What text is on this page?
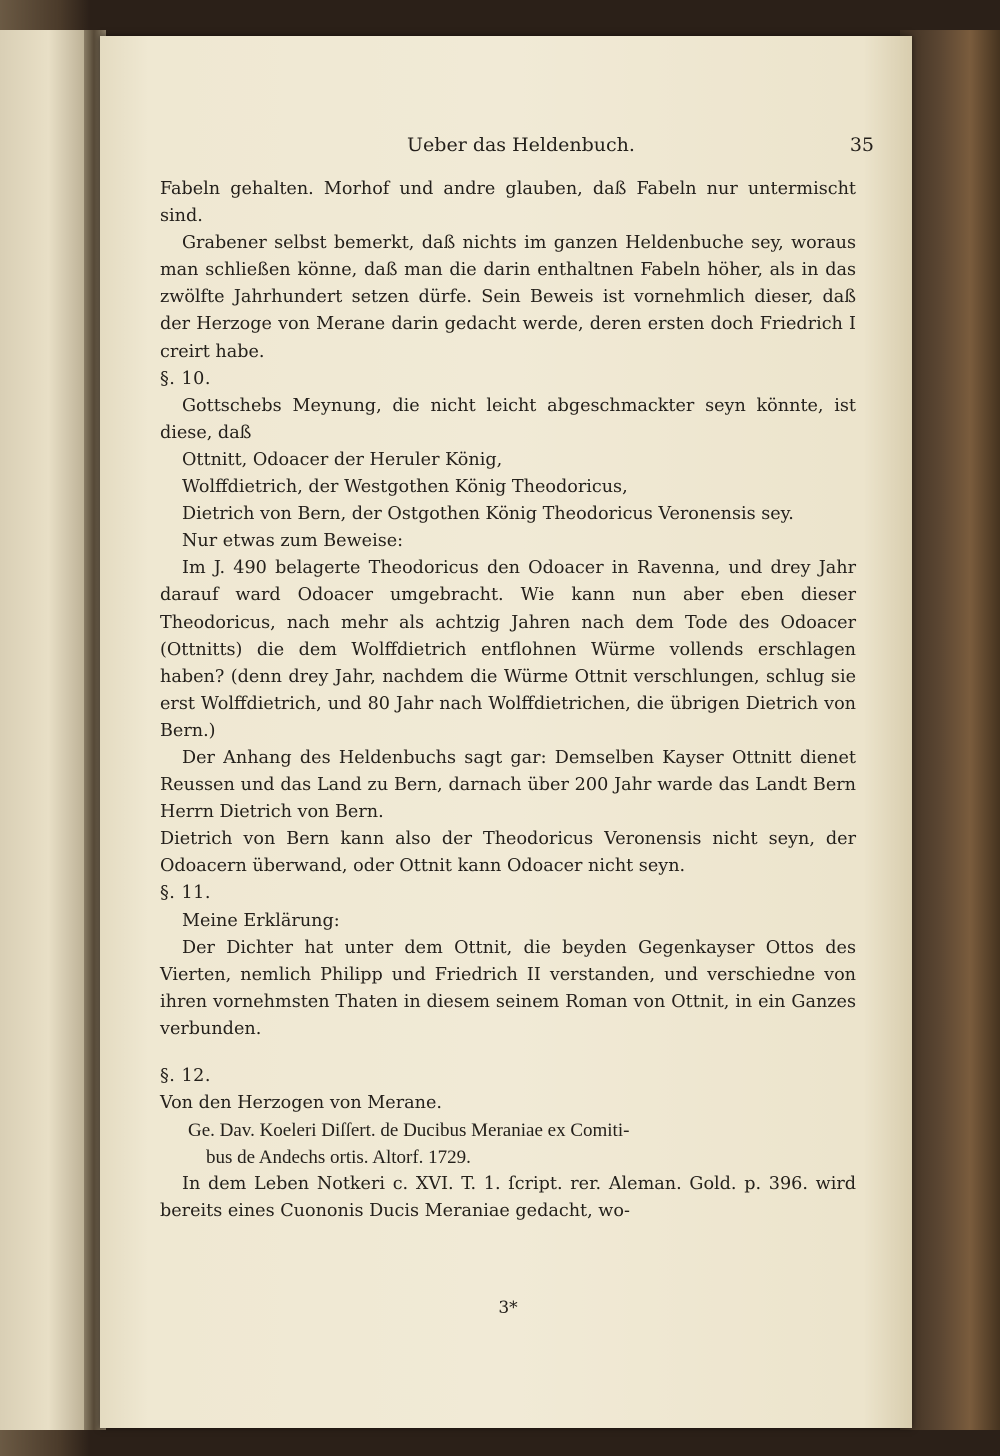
Ueber das Heldenbuch.	35

Fabeln gehalten. Morhof und andre glauben, daß Fabeln nur untermischt sind.

Grabener selbst bemerkt, daß nichts im ganzen Heldenbuche sey, woraus man schließen könne, daß man die darin enthaltnen Fabeln höher, als in das zwölfte Jahrhundert setzen dürfe. Sein Beweis ist vornehmlich dieser, daß der Herzoge von Merane darin gedacht werde, deren ersten doch Friedrich I creirt habe.

§. 10.

Gottschebs Meynung, die nicht leicht abgeschmackter seyn könnte, ist diese, daß

Ottnitt, Odoacer der Heruler König,

Wolffdietrich, der Westgothen König Theodoricus,

Dietrich von Bern, der Ostgothen König Theodoricus Veronensis sey.

Nur etwas zum Beweise:

Im J. 490 belagerte Theodoricus den Odoacer in Ravenna, und drey Jahr darauf ward Odoacer umgebracht. Wie kann nun aber eben dieser Theodoricus, nach mehr als achtzig Jahren nach dem Tode des Odoacer (Ottnitts) die dem Wolffdietrich entflohnen Würme vollends erschlagen haben? (denn drey Jahr, nachdem die Würme Ottnit verschlungen, schlug sie erst Wolffdietrich, und 80 Jahr nach Wolffdietrichen, die übrigen Dietrich von Bern.)

Der Anhang des Heldenbuchs sagt gar: Demselben Kayser Ottnitt dienet Reussen und das Land zu Bern, darnach über 200 Jahr warde das Landt Bern Herrn Dietrich von Bern.

Dietrich von Bern kann also der Theodoricus Veronensis nicht seyn, der Odoacern überwand, oder Ottnit kann Odoacer nicht seyn.

§. 11.

Meine Erklärung:

Der Dichter hat unter dem Ottnit, die beyden Gegenkayser Ottos des Vierten, nemlich Philipp und Friedrich II verstanden, und verschiedne von ihren vornehmsten Thaten in diesem seinem Roman von Ottnit, in ein Ganzes verbunden.

§. 12.

Von den Herzogen von Merane.

Ge. Dav. Koeleri Diſſert. de Ducibus Meraniae ex Comiti-

bus de Andechs ortis. Altorf. 1729.

In dem Leben Notkeri c. XVI. T. 1. ſcript. rer. Aleman. Gold. p. 396. wird bereits eines Cuononis Ducis Meraniae gedacht, wo-

3*
